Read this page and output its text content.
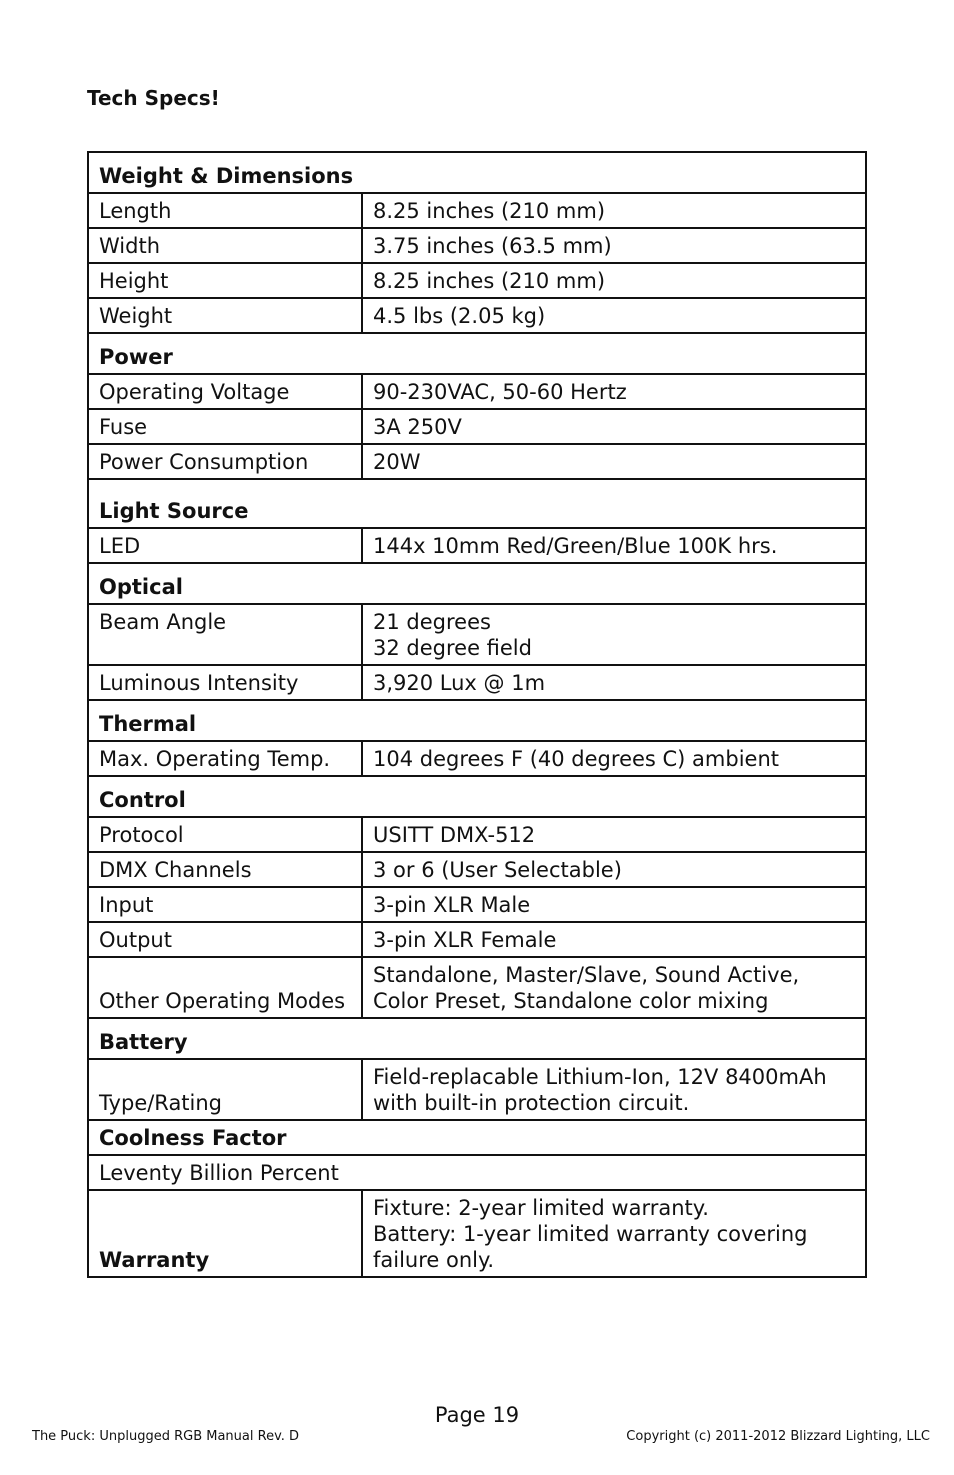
Tech Specs!
Weight & Dimensions	
Length	8.25 inches (210 mm)

Width	3.75 inches (63.5 mm)

Height	8.25 inches (210 mm)

Weight	4.5 lbs (2.05 kg)

Power	
Operating Voltage	90-230VAC, 50-60 Hertz

Fuse	3A 250V

Power Consumption	20W

Light Source	
LED	144x 10mm Red/Green/Blue 100K hrs.

Optical	
Beam Angle	21 degrees
32 degree field

Luminous Intensity	3,920 Lux @ 1m

Thermal	
Max. Operating Temp.	104 degrees F (40 degrees C) ambient

Control	
Protocol	USITT DMX-512

DMX Channels	3 or 6 (User Selectable)

Input	3-pin XLR Male

Output	3-pin XLR Female

Other Operating Modes	Standalone, Master/Slave, Sound Active,
Color Preset, Standalone color mixing

Battery	
Type/Rating	Field-replacable Lithium-Ion, 12V 8400mAh
with built-in protection circuit.

Coolness Factor	
Leventy Billion Percent	
Warranty	Fixture: 2-year limited warranty.
Battery: 1-year limited warranty covering
failure only.
Page 19
The Puck: Unplugged RGB Manual Rev. D	Copyright (c) 2011-2012 Blizzard Lighting, LLC
